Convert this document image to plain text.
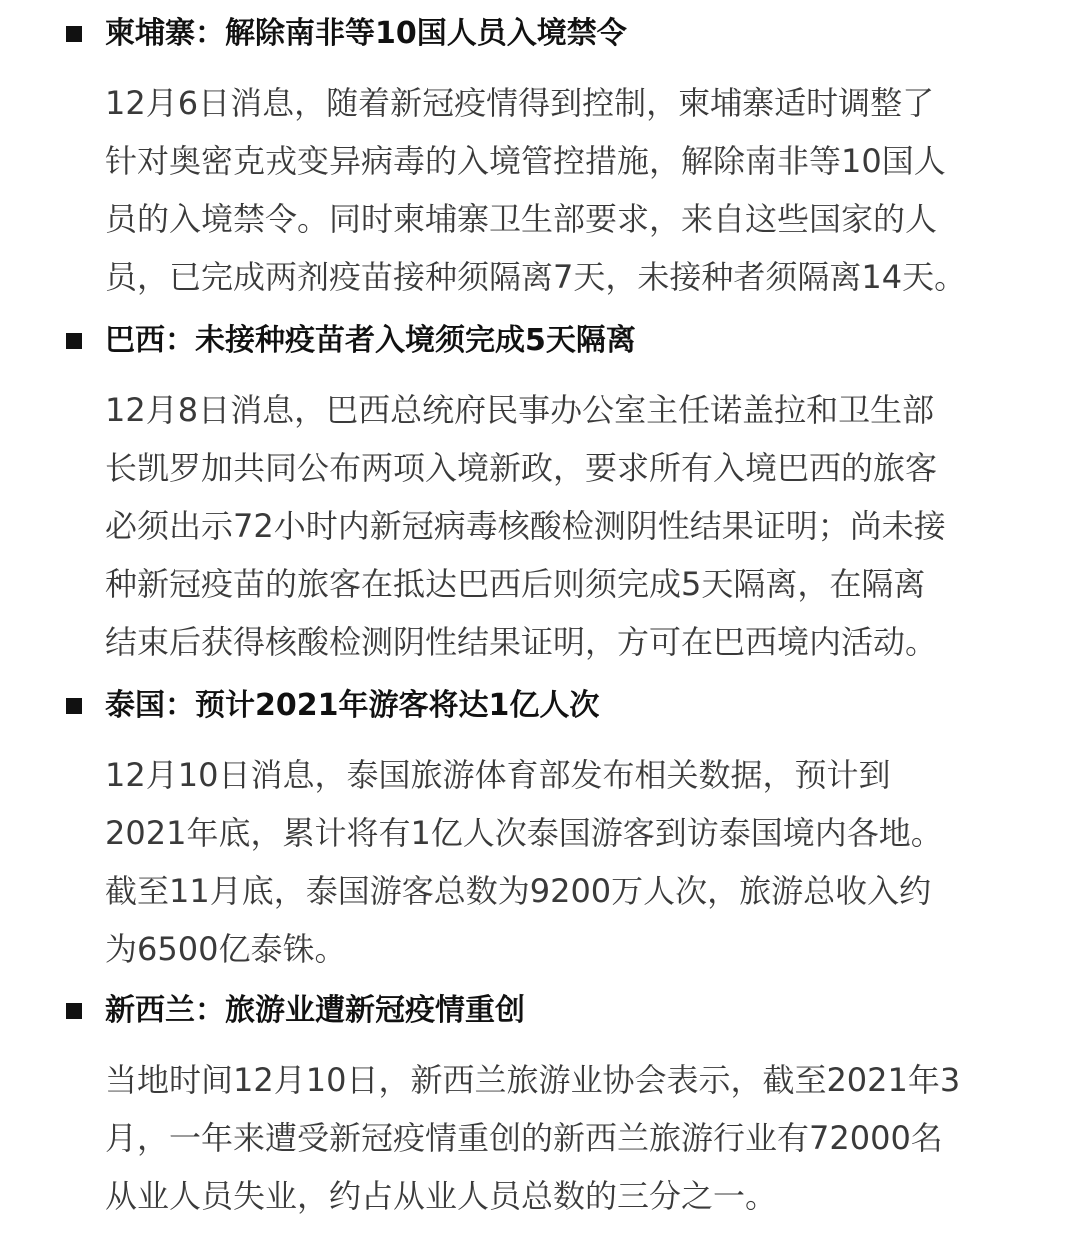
柬埔寨：解除南非等10国人员入境禁令
12月6日消息，随着新冠疫情得到控制，柬埔寨适时调整了
针对奥密克戎变异病毒的入境管控措施，解除南非等10国人
员的入境禁令。同时柬埔寨卫生部要求，来自这些国家的人
员，已完成两剂疫苗接种须隔离7天，未接种者须隔离14天。
巴西：未接种疫苗者入境须完成5天隔离
12月8日消息，巴西总统府民事办公室主任诺盖拉和卫生部
长凯罗加共同公布两项入境新政，要求所有入境巴西的旅客
必须出示72小时内新冠病毒核酸检测阴性结果证明；尚未接
种新冠疫苗的旅客在抵达巴西后则须完成5天隔离，在隔离
结束后获得核酸检测阴性结果证明，方可在巴西境内活动。
泰国：预计2021年游客将达1亿人次
12月10日消息，泰国旅游体育部发布相关数据，预计到
2021年底，累计将有1亿人次泰国游客到访泰国境内各地。
截至11月底，泰国游客总数为9200万人次，旅游总收入约
为6500亿泰铢。
新西兰：旅游业遭新冠疫情重创
当地时间12月10日，新西兰旅游业协会表示，截至2021年3
月，一年来遭受新冠疫情重创的新西兰旅游行业有72000名
从业人员失业，约占从业人员总数的三分之一。
